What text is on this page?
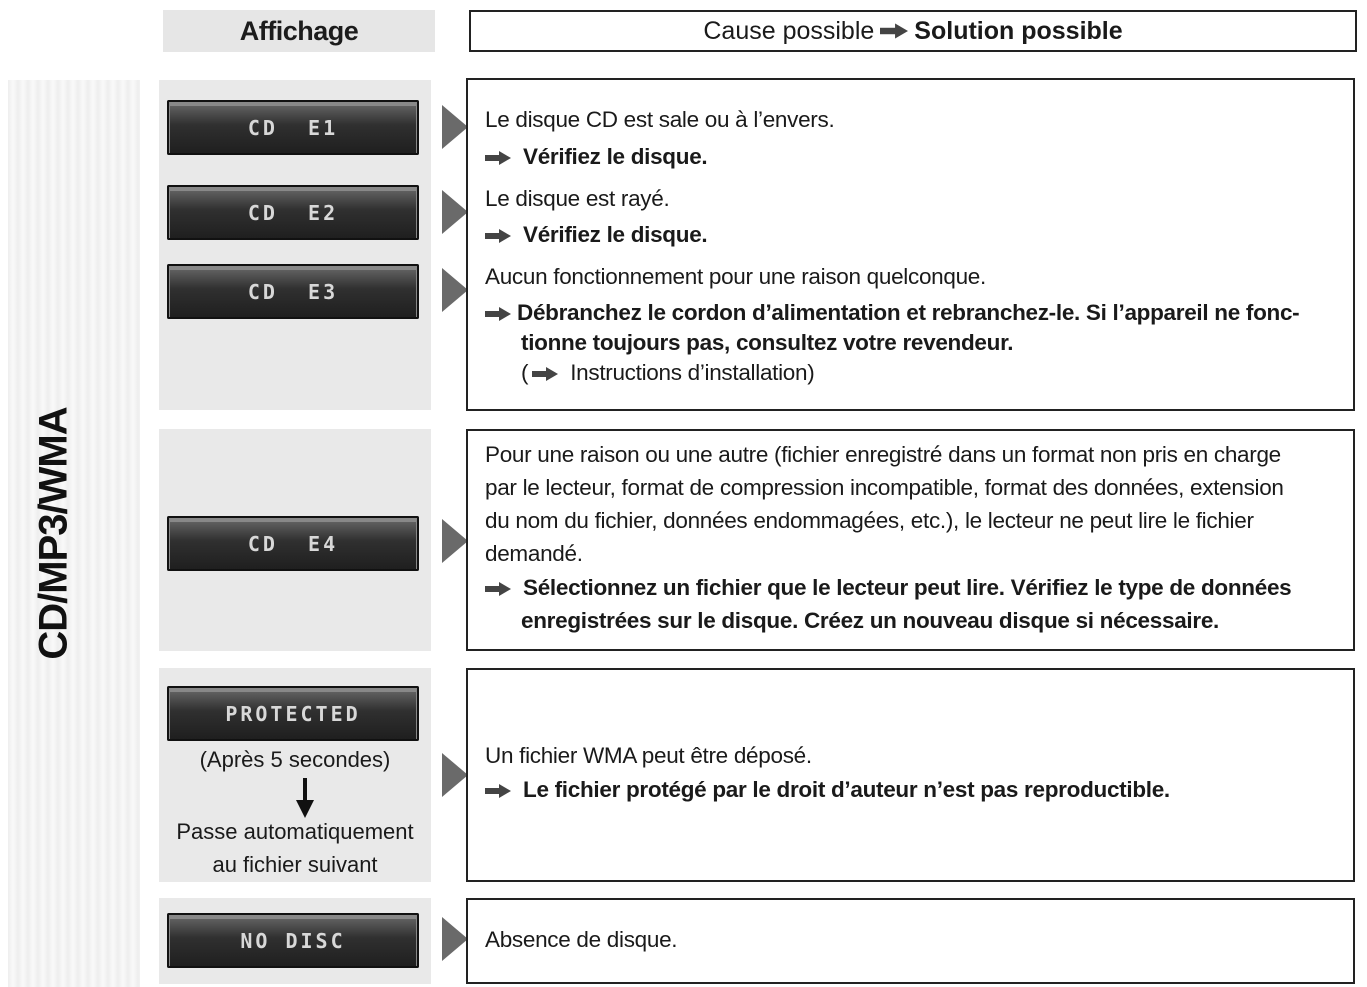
Affichage	Cause possible Solution possible
CD/MP3/WMA
CD  E1
CD  E2
CD  E3
Le disque CD est sale ou à l’envers.
Vérifiez le disque.
Le disque est rayé.
Vérifiez le disque.
Aucun fonctionnement pour une raison quelconque.
Débranchez le cordon d’alimentation et rebranchez-le. Si l’appareil ne fonc-
tionne toujours pas, consultez votre revendeur.
( Instructions d’installation)
CD  E4
Pour une raison ou une autre (fichier enregistré dans un format non pris en charge
par le lecteur, format de compression incompatible, format des données, extension
du nom du fichier, données endommagées, etc.), le lecteur ne peut lire le fichier
demandé.
Sélectionnez un fichier que le lecteur peut lire. Vérifiez le type de données
enregistrées sur le disque. Créez un nouveau disque si nécessaire.
PROTECTED
(Après 5 secondes)
Passe automatiquement
au fichier suivant
Un fichier WMA peut être déposé.
Le fichier protégé par le droit d’auteur n’est pas reproductible.
NO DISC	Absence de disque.
